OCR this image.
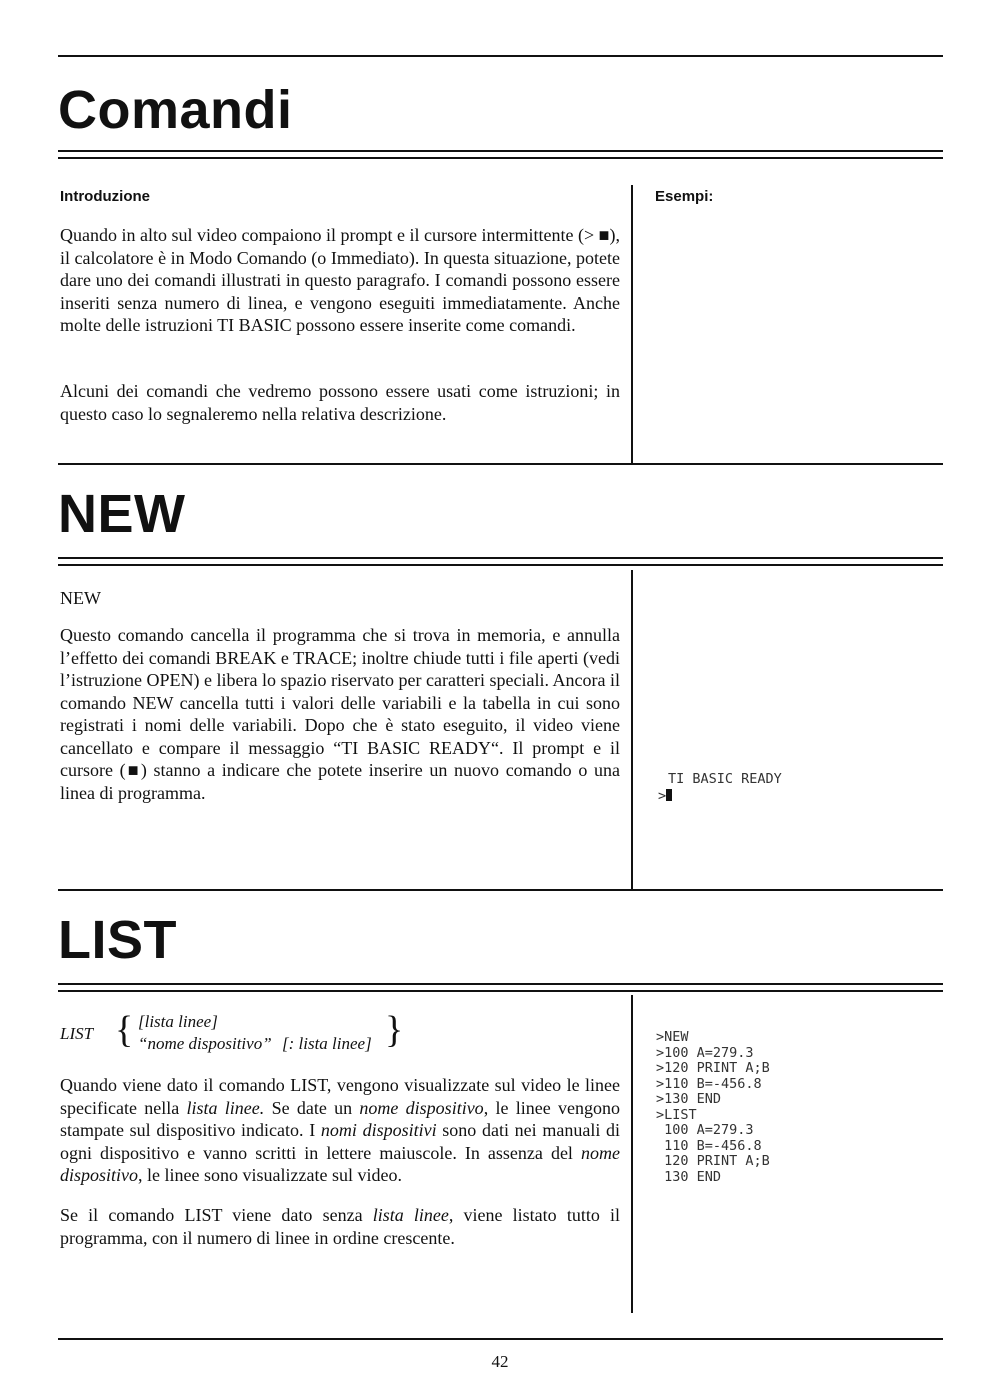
Comandi
Introduzione	Esempi:

Quando in alto sul video compaiono il prompt e il cursore intermittente (> ■), il calcolatore è in Modo Comando (o Immediato). In questa situazione, potete dare uno dei comandi illustrati in questo paragrafo. I comandi possono essere inseriti senza numero di linea, e vengono eseguiti immediatamente. Anche molte delle istruzioni TI BASIC possono essere inserite come comandi.

Alcuni dei comandi che vedremo possono essere usati come istruzioni; in questo caso lo segnaleremo nella relativa descrizione.

NEW
NEW

Questo comando cancella il programma che si trova in memoria, e annulla l’effetto dei comandi BREAK e TRACE; inoltre chiude tutti i file aperti (vedi l’istruzione OPEN) e libera lo spazio riservato per caratteri speciali. Ancora il comando NEW cancella tutti i valori delle variabili e la tabella in cui sono registrati i nomi delle variabili. Dopo che è stato eseguito, il video viene cancellato e compare il messaggio “TI BASIC READY“. Il prompt e il cursore (■) stanno a indicare che potete inserire un nuovo comando o una linea di programma.

TI BASIC READY
>
LIST
LIST { [lista linee]
“nome dispositivo” [: lista linee] }

Quando viene dato il comando LIST, vengono visualizzate sul video le linee specificate nella lista linee. Se date un nome dispositivo, le linee vengono stampate sul dispositivo indicato. I nomi dispositivi sono dati nei manuali di ogni dispositivo e vanno scritti in lettere maiuscole. In assenza del nome dispositivo, le linee sono visualizzate sul video.

Se il comando LIST viene dato senza lista linee, viene listato tutto il programma, con il numero di linee in ordine crescente.

>NEW
>100 A=279.3
>120 PRINT A;B
>110 B=-456.8
>130 END
>LIST
100 A=279.3
110 B=-456.8
120 PRINT A;B
130 END
42
